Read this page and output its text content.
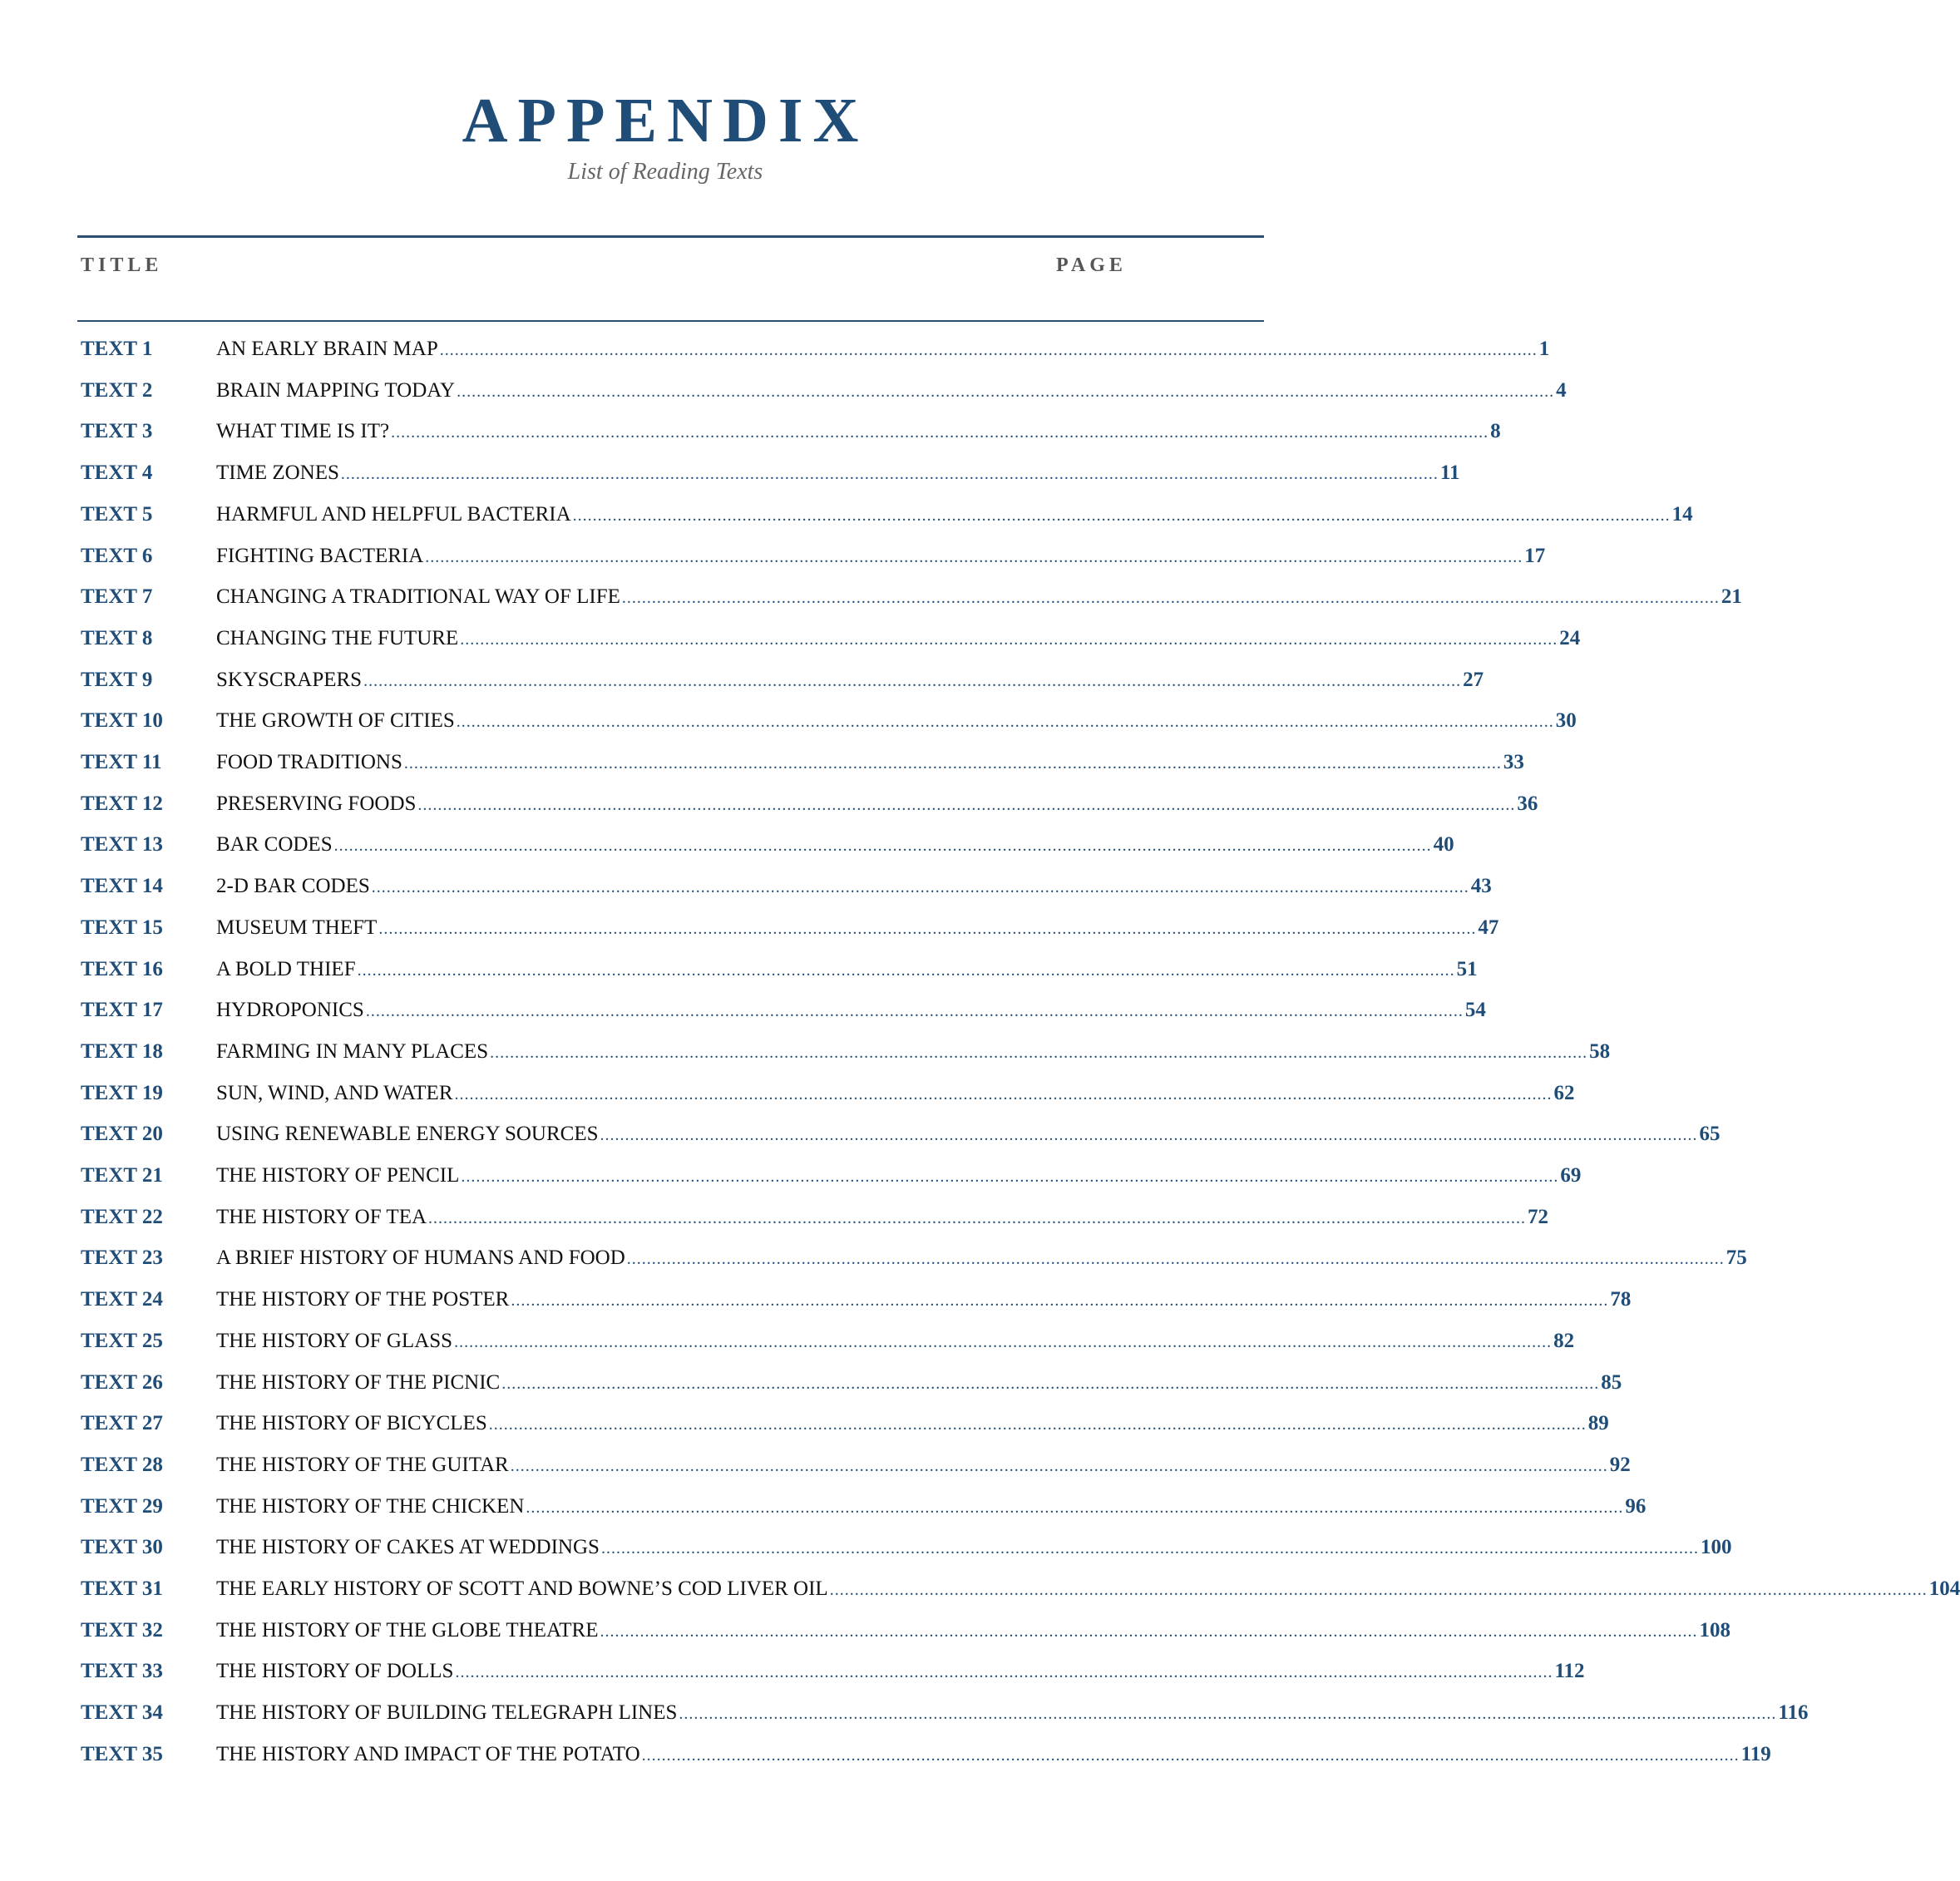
APPENDIX
List of Reading Texts
TITLE	PAGE
TEXT 1	AN EARLY BRAIN MAP ............................................................................................................................................................................................................................ 1
TEXT 2	BRAIN MAPPING TODAY ............................................................................................................................................................................................................................ 4
TEXT 3	WHAT TIME IS IT? ............................................................................................................................................................................................................................ 8
TEXT 4	TIME ZONES ............................................................................................................................................................................................................................ 11
TEXT 5	HARMFUL AND HELPFUL BACTERIA ............................................................................................................................................................................................................................ 14
TEXT 6	FIGHTING BACTERIA ............................................................................................................................................................................................................................ 17
TEXT 7	CHANGING A TRADITIONAL WAY OF LIFE ............................................................................................................................................................................................................................ 21
TEXT 8	CHANGING THE FUTURE ............................................................................................................................................................................................................................ 24
TEXT 9	SKYSCRAPERS ............................................................................................................................................................................................................................ 27
TEXT 10	THE GROWTH OF CITIES ............................................................................................................................................................................................................................ 30
TEXT 11	FOOD TRADITIONS ............................................................................................................................................................................................................................ 33
TEXT 12	PRESERVING FOODS ............................................................................................................................................................................................................................ 36
TEXT 13	BAR CODES ............................................................................................................................................................................................................................ 40
TEXT 14	2-D BAR CODES ............................................................................................................................................................................................................................ 43
TEXT 15	MUSEUM THEFT ............................................................................................................................................................................................................................ 47
TEXT 16	A BOLD THIEF ............................................................................................................................................................................................................................ 51
TEXT 17	HYDROPONICS ............................................................................................................................................................................................................................ 54
TEXT 18	FARMING IN MANY PLACES ............................................................................................................................................................................................................................ 58
TEXT 19	SUN, WIND, AND WATER ............................................................................................................................................................................................................................ 62
TEXT 20	USING RENEWABLE ENERGY SOURCES ............................................................................................................................................................................................................................ 65
TEXT 21	THE HISTORY OF PENCIL ............................................................................................................................................................................................................................ 69
TEXT 22	THE HISTORY OF TEA ............................................................................................................................................................................................................................ 72
TEXT 23	A BRIEF HISTORY OF HUMANS AND FOOD ............................................................................................................................................................................................................................ 75
TEXT 24	THE HISTORY OF THE POSTER ............................................................................................................................................................................................................................ 78
TEXT 25	THE HISTORY OF GLASS ............................................................................................................................................................................................................................ 82
TEXT 26	THE HISTORY OF THE PICNIC ............................................................................................................................................................................................................................ 85
TEXT 27	THE HISTORY OF BICYCLES ............................................................................................................................................................................................................................ 89
TEXT 28	THE HISTORY OF THE GUITAR ............................................................................................................................................................................................................................ 92
TEXT 29	THE HISTORY OF THE CHICKEN ............................................................................................................................................................................................................................ 96
TEXT 30	THE HISTORY OF CAKES AT WEDDINGS ............................................................................................................................................................................................................................ 100
TEXT 31	THE EARLY HISTORY OF SCOTT AND BOWNE’S COD LIVER OIL ............................................................................................................................................................................................................................ 104
TEXT 32	THE HISTORY OF THE GLOBE THEATRE ............................................................................................................................................................................................................................ 108
TEXT 33	THE HISTORY OF DOLLS ............................................................................................................................................................................................................................ 112
TEXT 34	THE HISTORY OF BUILDING TELEGRAPH LINES ............................................................................................................................................................................................................................ 116
TEXT 35	THE HISTORY AND IMPACT OF THE POTATO ............................................................................................................................................................................................................................ 119
